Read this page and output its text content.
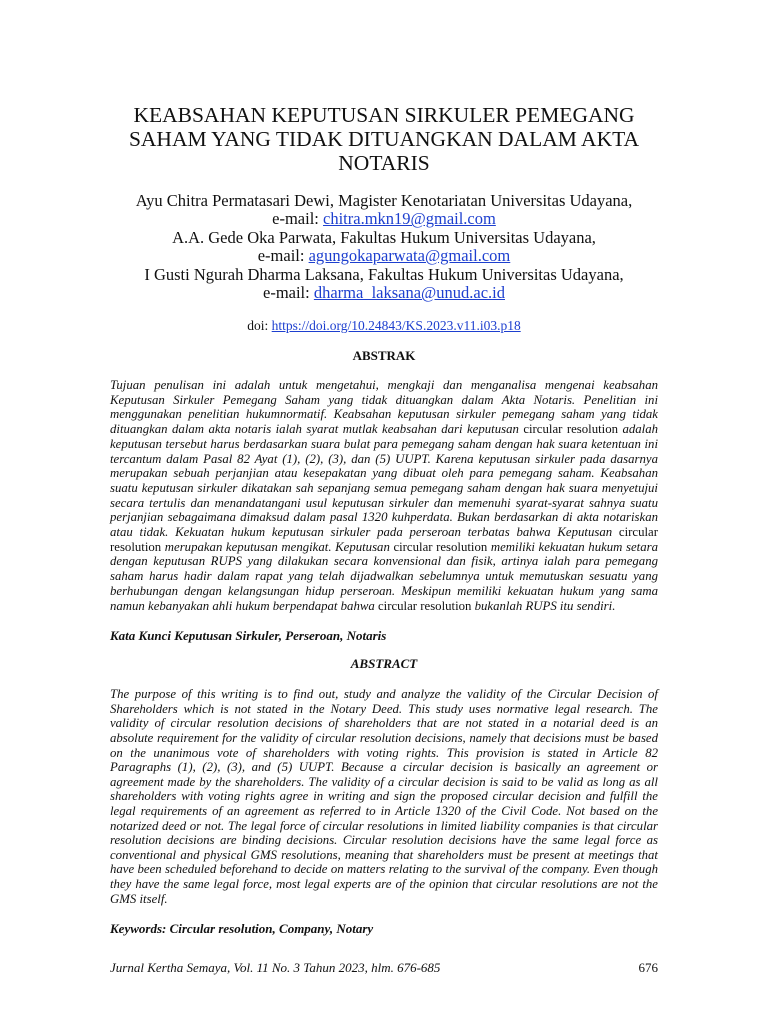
KEABSAHAN KEPUTUSAN SIRKULER PEMEGANG
SAHAM YANG TIDAK DITUANGKAN DALAM AKTA
NOTARIS
Ayu Chitra Permatasari Dewi, Magister Kenotariatan Universitas Udayana,
e-mail: chitra.mkn19@gmail.com
A.A. Gede Oka Parwata, Fakultas Hukum Universitas Udayana,
e-mail: agungokaparwata@gmail.com
I Gusti Ngurah Dharma Laksana, Fakultas Hukum Universitas Udayana,
e-mail: dharma_laksana@unud.ac.id
doi: https://doi.org/10.24843/KS.2023.v11.i03.p18
ABSTRAK

Tujuan penulisan ini adalah untuk mengetahui, mengkaji dan menganalisa mengenai keabsahan Keputusan Sirkuler Pemegang Saham yang tidak dituangkan dalam Akta Notaris. Penelitian ini menggunakan penelitian hukumnormatif. Keabsahan keputusan sirkuler pemegang saham yang tidak dituangkan dalam akta notaris ialah syarat mutlak keabsahan dari keputusan circular resolution adalah keputusan tersebut harus berdasarkan suara bulat para pemegang saham dengan hak suara ketentuan ini tercantum dalam Pasal 82 Ayat (1), (2), (3), dan (5) UUPT. Karena keputusan sirkuler pada dasarnya merupakan sebuah perjanjian atau kesepakatan yang dibuat oleh para pemegang saham. Keabsahan suatu keputusan sirkuler dikatakan sah sepanjang semua pemegang saham dengan hak suara menyetujui secara tertulis dan menandatangani usul keputusan sirkuler dan memenuhi syarat-syarat sahnya suatu perjanjian sebagaimana dimaksud dalam pasal 1320 kuhperdata. Bukan berdasarkan di akta notariskan atau tidak. Kekuatan hukum keputusan sirkuler pada perseroan terbatas bahwa Keputusan circular resolution merupakan keputusan mengikat. Keputusan circular resolution memiliki kekuatan hukum setara dengan keputusan RUPS yang dilakukan secara konvensional dan fisik, artinya ialah para pemegang saham harus hadir dalam rapat yang telah dijadwalkan sebelumnya untuk memutuskan sesuatu yang berhubungan dengan kelangsungan hidup perseroan. Meskipun memiliki kekuatan hukum yang sama namun kebanyakan ahli hukum berpendapat bahwa circular resolution bukanlah RUPS itu sendiri.

Kata Kunci Keputusan Sirkuler, Perseroan, Notaris

ABSTRACT

The purpose of this writing is to find out, study and analyze the validity of the Circular Decision of Shareholders which is not stated in the Notary Deed. This study uses normative legal research. The validity of circular resolution decisions of shareholders that are not stated in a notarial deed is an absolute requirement for the validity of circular resolution decisions, namely that decisions must be based on the unanimous vote of shareholders with voting rights. This provision is stated in Article 82 Paragraphs (1), (2), (3), and (5) UUPT. Because a circular decision is basically an agreement or agreement made by the shareholders. The validity of a circular decision is said to be valid as long as all shareholders with voting rights agree in writing and sign the proposed circular decision and fulfill the legal requirements of an agreement as referred to in Article 1320 of the Civil Code. Not based on the notarized deed or not. The legal force of circular resolutions in limited liability companies is that circular resolution decisions are binding decisions. Circular resolution decisions have the same legal force as conventional and physical GMS resolutions, meaning that shareholders must be present at meetings that have been scheduled beforehand to decide on matters relating to the survival of the company. Even though they have the same legal force, most legal experts are of the opinion that circular resolutions are not the GMS itself.

Keywords: Circular resolution, Company, Notary

Jurnal Kertha Semaya, Vol. 11 No. 3 Tahun 2023, hlm. 676-685	676
